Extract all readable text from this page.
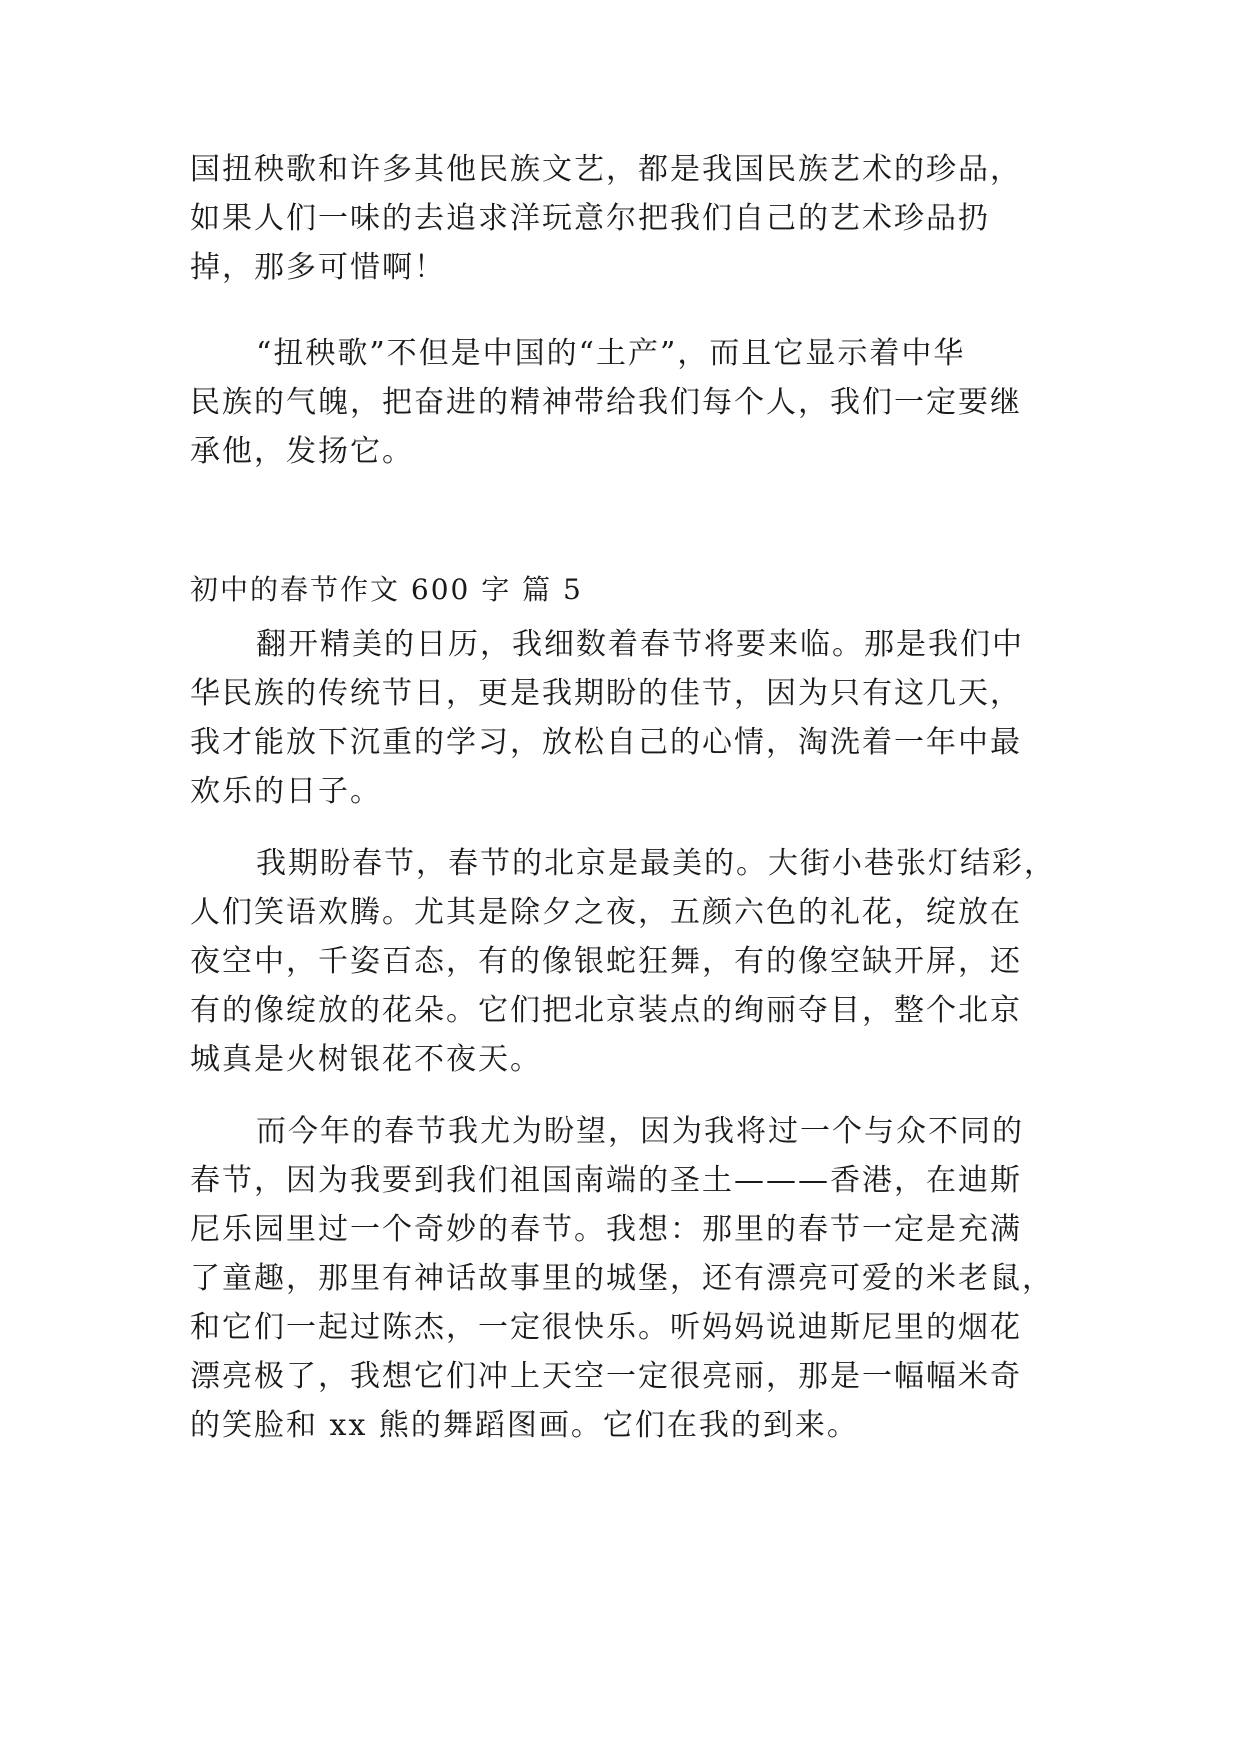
国扭秧歌和许多其他民族文艺，都是我国民族艺术的珍品，
如果人们一味的去追求洋玩意尔把我们自己的艺术珍品扔
掉，那多可惜啊！
“扭秧歌”不但是中国的“土产”，而且它显示着中华
民族的气魄，把奋进的精神带给我们每个人，我们一定要继
承他，发扬它。
初中的春节作文 600 字 篇 5
翻开精美的日历，我细数着春节将要来临。那是我们中
华民族的传统节日，更是我期盼的佳节，因为只有这几天，
我才能放下沉重的学习，放松自己的心情，淘洗着一年中最
欢乐的日子。
我期盼春节，春节的北京是最美的。大街小巷张灯结彩，
人们笑语欢腾。尤其是除夕之夜，五颜六色的礼花，绽放在
夜空中，千姿百态，有的像银蛇狂舞，有的像空缺开屏，还
有的像绽放的花朵。它们把北京装点的绚丽夺目，整个北京
城真是火树银花不夜天。
而今年的春节我尤为盼望，因为我将过一个与众不同的
春节，因为我要到我们祖国南端的圣土———香港，在迪斯
尼乐园里过一个奇妙的春节。我想：那里的春节一定是充满
了童趣，那里有神话故事里的城堡，还有漂亮可爱的米老鼠，
和它们一起过陈杰，一定很快乐。听妈妈说迪斯尼里的烟花
漂亮极了，我想它们冲上天空一定很亮丽，那是一幅幅米奇
的笑脸和 xx 熊的舞蹈图画。它们在我的到来。
